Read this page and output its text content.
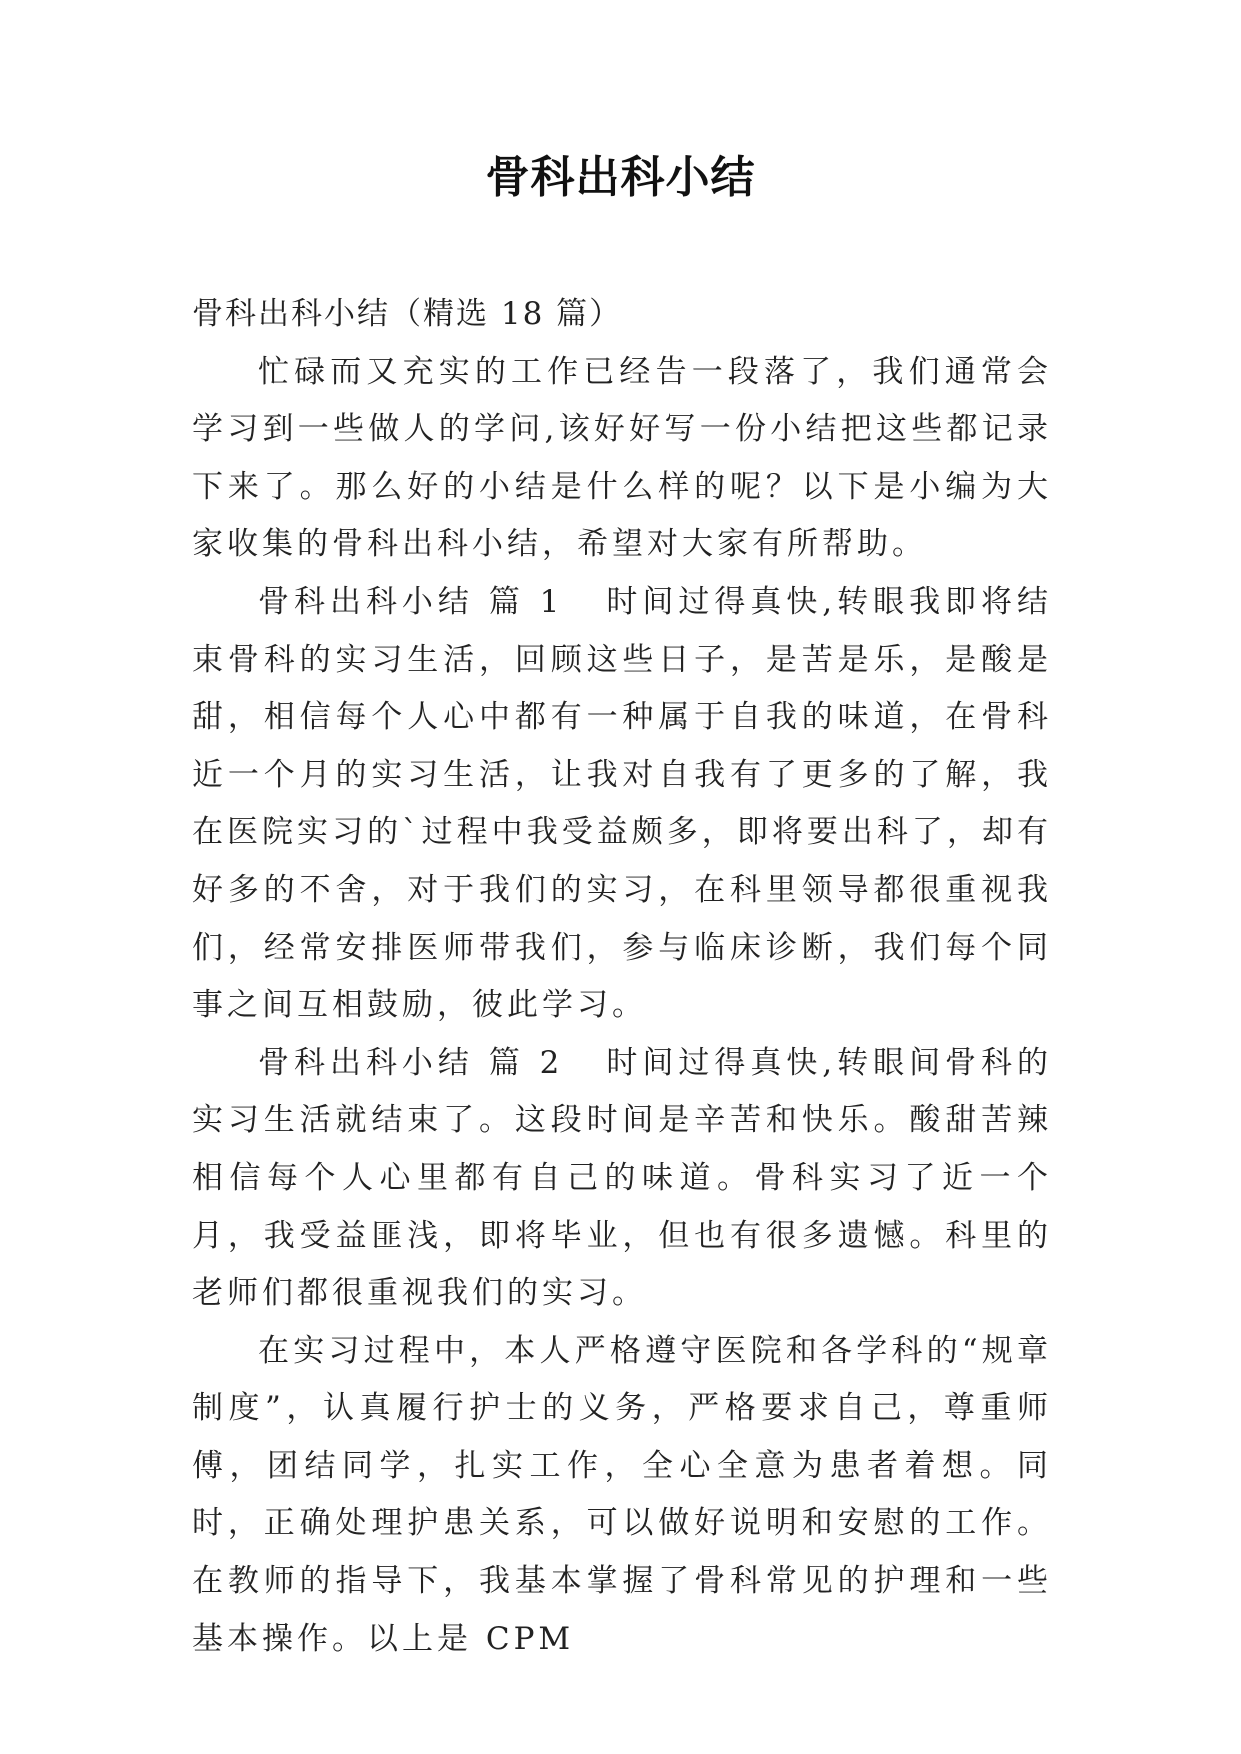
骨科出科小结

骨科出科小结（精选 18 篇）

忙碌而又充实的工作已经告一段落了，我们通常会学习到一些做人的学问,该好好写一份小结把这些都记录下来了。那么好的小结是什么样的呢？以下是小编为大家收集的骨科出科小结，希望对大家有所帮助。

骨科出科小结 篇 1 时间过得真快,转眼我即将结束骨科的实习生活，回顾这些日子，是苦是乐，是酸是甜，相信每个人心中都有一种属于自我的味道，在骨科近一个月的实习生活，让我对自我有了更多的了解，我在医院实习的`过程中我受益颇多，即将要出科了，却有好多的不舍，对于我们的实习，在科里领导都很重视我们，经常安排医师带我们，参与临床诊断，我们每个同事之间互相鼓励，彼此学习。

骨科出科小结 篇 2 时间过得真快,转眼间骨科的实习生活就结束了。这段时间是辛苦和快乐。酸甜苦辣相信每个人心里都有自己的味道。骨科实习了近一个月，我受益匪浅，即将毕业，但也有很多遗憾。科里的老师们都很重视我们的实习。

在实习过程中，本人严格遵守医院和各学科的“规章制度”，认真履行护士的义务，严格要求自己，尊重师傅，团结同学，扎实工作，全心全意为患者着想。同时，正确处理护患关系，可以做好说明和安慰的工作。在教师的指导下，我基本掌握了骨科常见的护理和一些基本操作。以上是 CPM
